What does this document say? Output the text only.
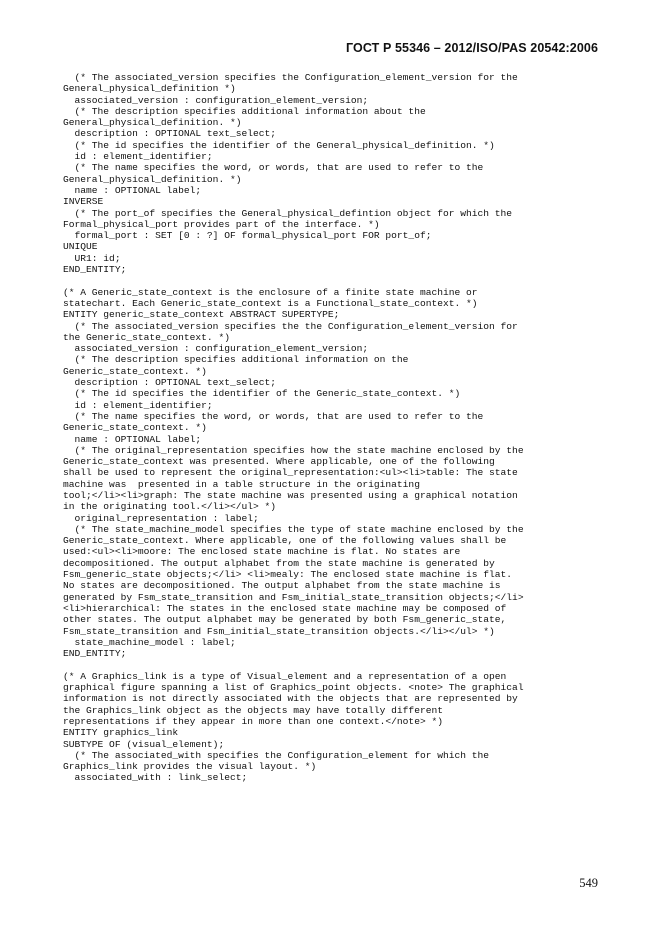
ГОСТ Р 55346 – 2012/ISO/PAS 20542:2006
(* The associated_version specifies the Configuration_element_version for the
General_physical_definition *)
associated_version : configuration_element_version;
(* The description specifies additional information about the
General_physical_definition. *)
description : OPTIONAL text_select;
(* The id specifies the identifier of the General_physical_definition. *)
id : element_identifier;
(* The name specifies the word, or words, that are used to refer to the
General_physical_definition. *)
name : OPTIONAL label;
INVERSE
(* The port_of specifies the General_physical_defintion object for which the
Formal_physical_port provides part of the interface. *)
formal_port : SET [0 : ?] OF formal_physical_port FOR port_of;
UNIQUE
UR1: id;
END_ENTITY;
(* A Generic_state_context is the enclosure of a finite state machine or
statechart. Each Generic_state_context is a Functional_state_context. *)
ENTITY generic_state_context ABSTRACT SUPERTYPE;
(* The associated_version specifies the the Configuration_element_version for
the Generic_state_context. *)
associated_version : configuration_element_version;
(* The description specifies additional information on the
Generic_state_context. *)
description : OPTIONAL text_select;
(* The id specifies the identifier of the Generic_state_context. *)
id : element_identifier;
(* The name specifies the word, or words, that are used to refer to the
Generic_state_context. *)
name : OPTIONAL label;
(* The original_representation specifies how the state machine enclosed by the
Generic_state_context was presented. Where applicable, one of the following
shall be used to represent the original_representation:<ul><li>table: The state
machine was  presented in a table structure in the originating
tool;</li><li>graph: The state machine was presented using a graphical notation
in the originating tool.</li></ul> *)
original_representation : label;
(* The state_machine_model specifies the type of state machine enclosed by the
Generic_state_context. Where applicable, one of the following values shall be
used:<ul><li>moore: The enclosed state machine is flat. No states are
decompositioned. The output alphabet from the state machine is generated by
Fsm_generic_state objects;</li> <li>mealy: The enclosed state machine is flat.
No states are decompositioned. The output alphabet from the state machine is
generated by Fsm_state_transition and Fsm_initial_state_transition objects;</li>
<li>hierarchical: The states in the enclosed state machine may be composed of
other states. The output alphabet may be generated by both Fsm_generic_state,
Fsm_state_transition and Fsm_initial_state_transition objects.</li></ul> *)
state_machine_model : label;
END_ENTITY;
(* A Graphics_link is a type of Visual_element and a representation of a open
graphical figure spanning a list of Graphics_point objects. <note> The graphical
information is not directly associated with the objects that are represented by
the Graphics_link object as the objects may have totally different
representations if they appear in more than one context.</note> *)
ENTITY graphics_link
SUBTYPE OF (visual_element);
(* The associated_with specifies the Configuration_element for which the
Graphics_link provides the visual layout. *)
associated_with : link_select;
549
